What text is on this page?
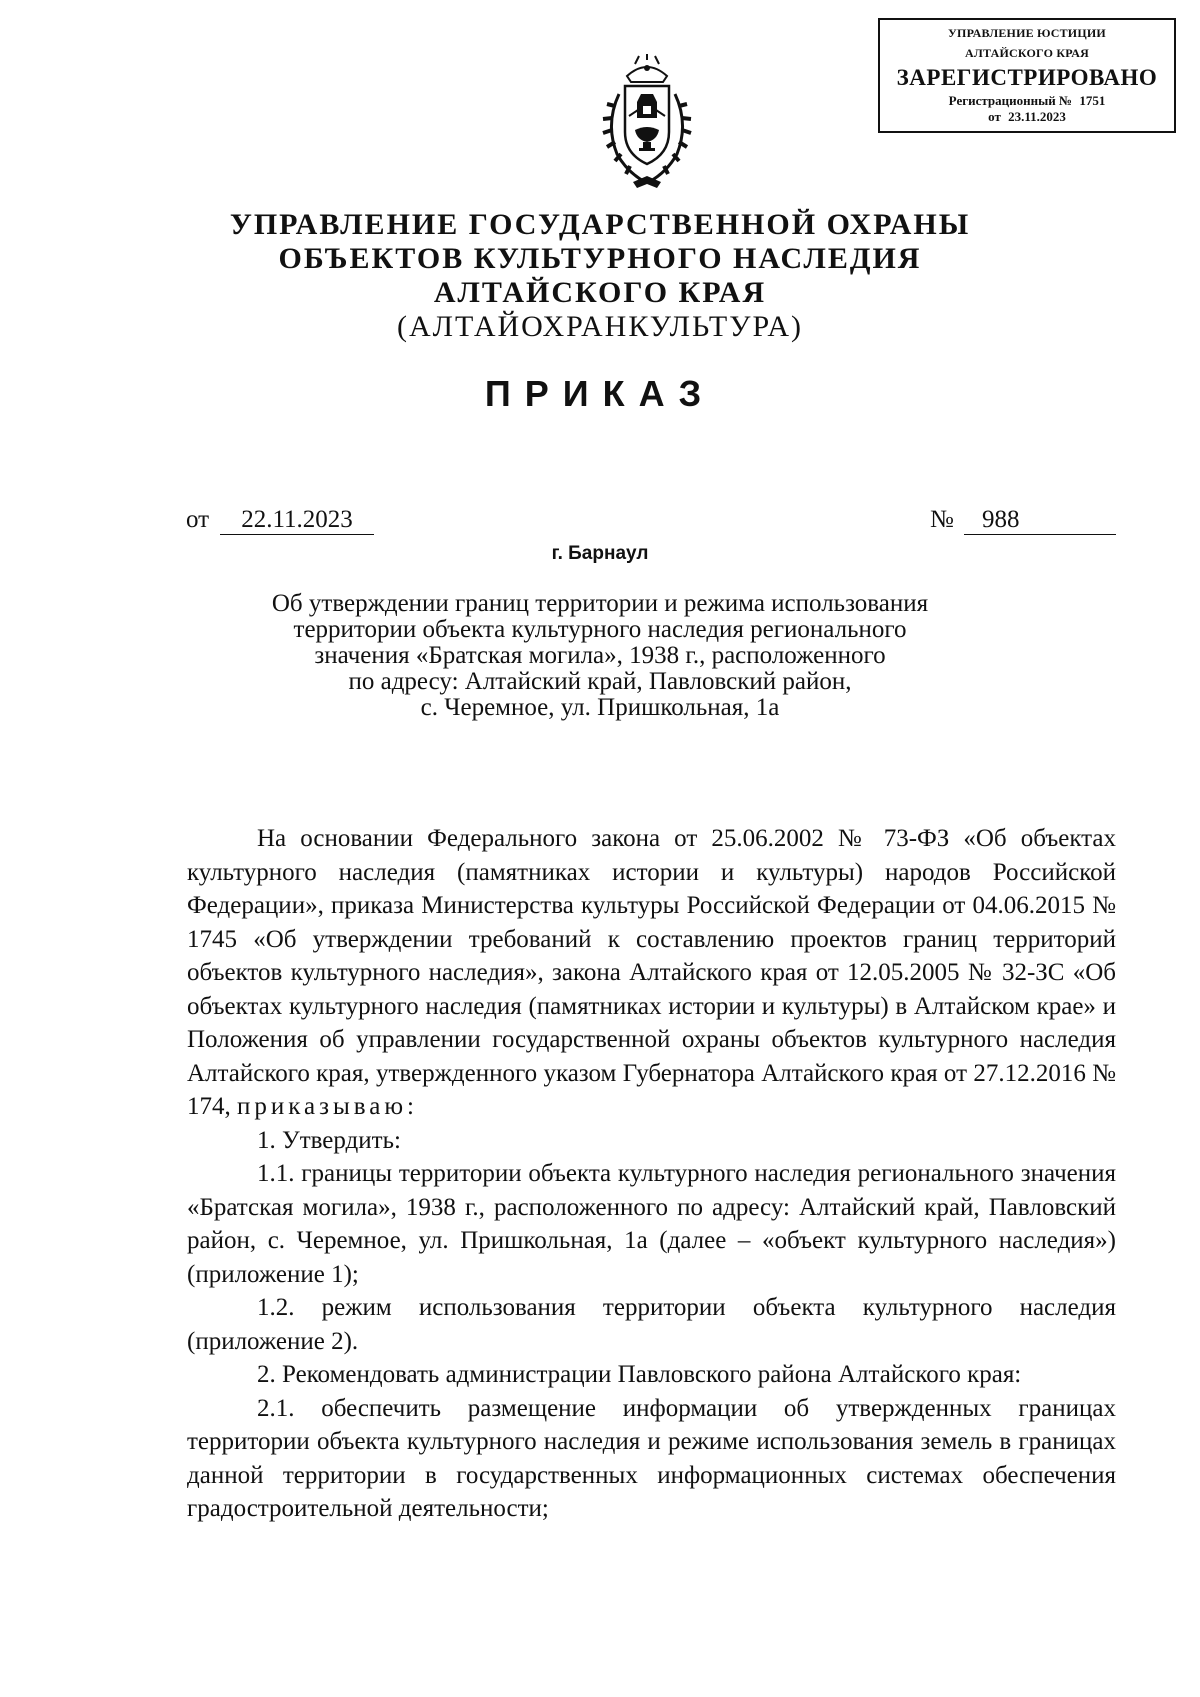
УПРАВЛЕНИЕ ЮСТИЦИИ
АЛТАЙСКОГО КРАЯ
ЗАРЕГИСТРИРОВАНО
Регистрационный № 1751
от 23.11.2023
УПРАВЛЕНИЕ ГОСУДАРСТВЕННОЙ ОХРАНЫ
ОБЪЕКТОВ КУЛЬТУРНОГО НАСЛЕДИЯ
АЛТАЙСКОГО КРАЯ
(АЛТАЙОХРАНКУЛЬТУРА)
ПРИКАЗ
от	22.11.2023	№	988
г. Барнаул
Об утверждении границ территории и режима использования
территории объекта культурного наследия регионального
значения «Братская могила», 1938 г., расположенного
по адресу: Алтайский край, Павловский район,
с. Черемное, ул. Пришкольная, 1а

На основании Федерального закона от 25.06.2002 № 73-ФЗ «Об объектах культурного наследия (памятниках истории и культуры) народов Российской Федерации», приказа Министерства культуры Российской Федерации от 04.06.2015 № 1745 «Об утверждении требований к составлению проектов границ территорий объектов культурного наследия», закона Алтайского края от 12.05.2005 № 32-ЗС «Об объектах культурного наследия (памятниках истории и культуры) в Алтайском крае» и Положения об управлении государственной охраны объектов культурного наследия Алтайского края, утвержденного указом Губернатора Алтайского края от 27.12.2016 № 174, приказываю:

1. Утвердить:

1.1. границы территории объекта культурного наследия регионального значения «Братская могила», 1938 г., расположенного по адресу: Алтайский край, Павловский район, с. Черемное, ул. Пришкольная, 1а (далее – «объект культурного наследия») (приложение 1);

1.2. режим использования территории объекта культурного наследия (приложение 2).

2. Рекомендовать администрации Павловского района Алтайского края:

2.1. обеспечить размещение информации об утвержденных границах территории объекта культурного наследия и режиме использования земель в границах данной территории в государственных информационных системах обеспечения градостроительной деятельности;
